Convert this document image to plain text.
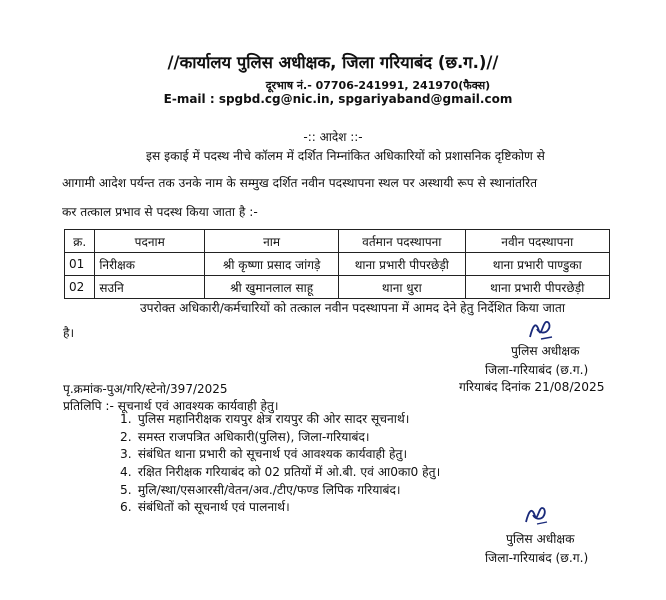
//कार्यालय पुलिस अधीक्षक, जिला गरियाबंद (छ.ग.)//
दूरभाष नं.- 07706-241991, 241970(फैक्स)
E-mail : spgbd.cg@nic.in, spgariyaband@gmail.com
-:: आदेश ::-
इस इकाई में पदस्थ नीचे कॉलम में दर्शित निम्नांकित अधिकारियों को प्रशासनिक दृष्टिकोण से
आगामी आदेश पर्यन्त तक उनके नाम के सम्मुख दर्शित नवीन पदस्थापना स्थल पर अस्थायी रूप से स्थानांतरित
कर तत्काल प्रभाव से पदस्थ किया जाता है :-
क्र.	पदनाम	नाम	वर्तमान पदस्थापना	नवीन पदस्थापना
01	निरीक्षक	श्री कृष्णा प्रसाद जांगड़े	थाना प्रभारी पीपरछेड़ी	थाना प्रभारी पाण्डुका
02	सउनि	श्री खुमानलाल साहू	थाना धुरा	थाना प्रभारी पीपरछेड़ी
उपरोक्त अधिकारी/कर्मचारियों को तत्काल नवीन पदस्थापना में आमद देने हेतु निर्देशित किया जाता
है।
पुलिस अधीक्षक
जिला-गरियाबंद (छ.ग.)
गरियाबंद दिनांक 21/08/2025
पृ.क्रमांक-पुअ/गरि/स्टेनो/397/2025
प्रतिलिपि :- सूचनार्थ एवं आवश्यक कार्यवाही हेतु।
1. पुलिस महानिरीक्षक रायपुर क्षेत्र रायपुर की ओर सादर सूचनार्थ।
2. समस्त राजपत्रित अधिकारी(पुलिस), जिला-गरियाबंद।
3. संबंधित थाना प्रभारी को सूचनार्थ एवं आवश्यक कार्यवाही हेतु।
4. रक्षित निरीक्षक गरियाबंद को 02 प्रतियों में ओ.बी. एवं आ0का0 हेतु।
5. मुलि/स्था/एसआरसी/वेतन/अव./टीए/फण्ड लिपिक गरियाबंद।
6. संबंधितों को सूचनार्थ एवं पालनार्थ।
पुलिस अधीक्षक
जिला-गरियाबंद (छ.ग.)
